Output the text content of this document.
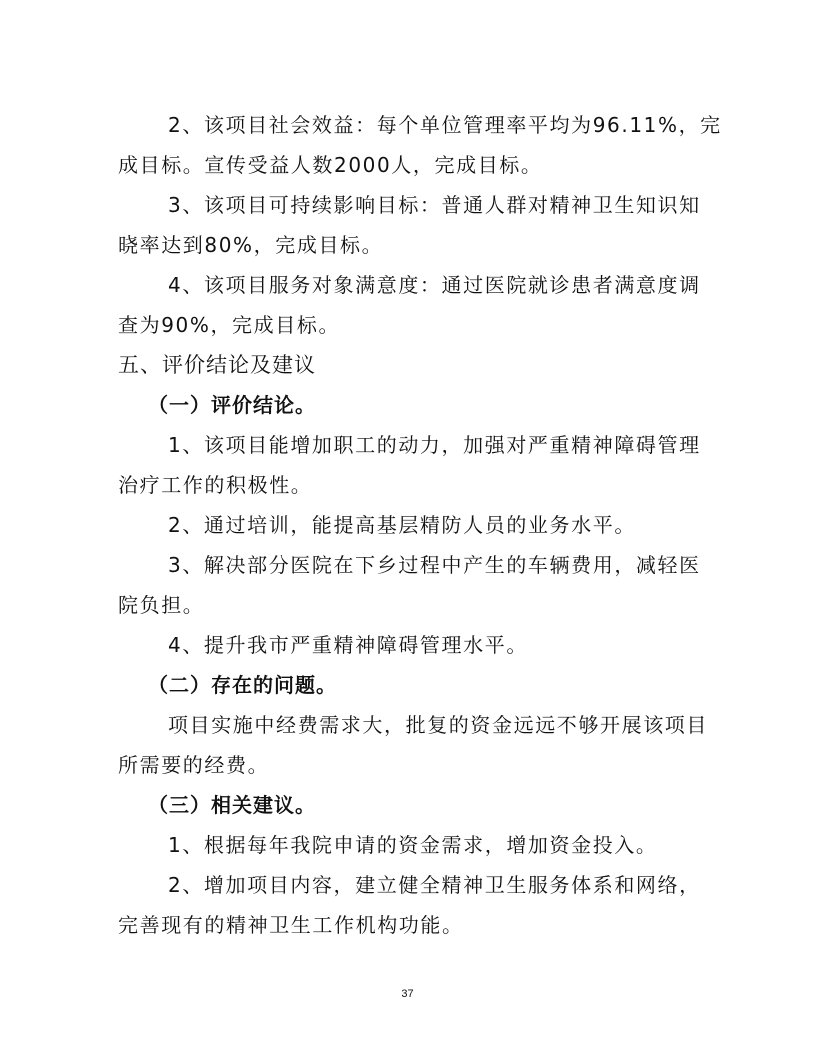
2、该项目社会效益：每个单位管理率平均为96.11%，完
成目标。宣传受益人数2000人，完成目标。
3、该项目可持续影响目标：普通人群对精神卫生知识知
晓率达到80%，完成目标。
4、该项目服务对象满意度：通过医院就诊患者满意度调
查为90%，完成目标。
五、评价结论及建议
（一）评价结论。
1、该项目能增加职工的动力，加强对严重精神障碍管理
治疗工作的积极性。
2、通过培训，能提高基层精防人员的业务水平。
3、解决部分医院在下乡过程中产生的车辆费用，减轻医
院负担。
4、提升我市严重精神障碍管理水平。
（二）存在的问题。
项目实施中经费需求大，批复的资金远远不够开展该项目
所需要的经费。
（三）相关建议。
1、根据每年我院申请的资金需求，增加资金投入。
2、增加项目内容，建立健全精神卫生服务体系和网络，
完善现有的精神卫生工作机构功能。
37
